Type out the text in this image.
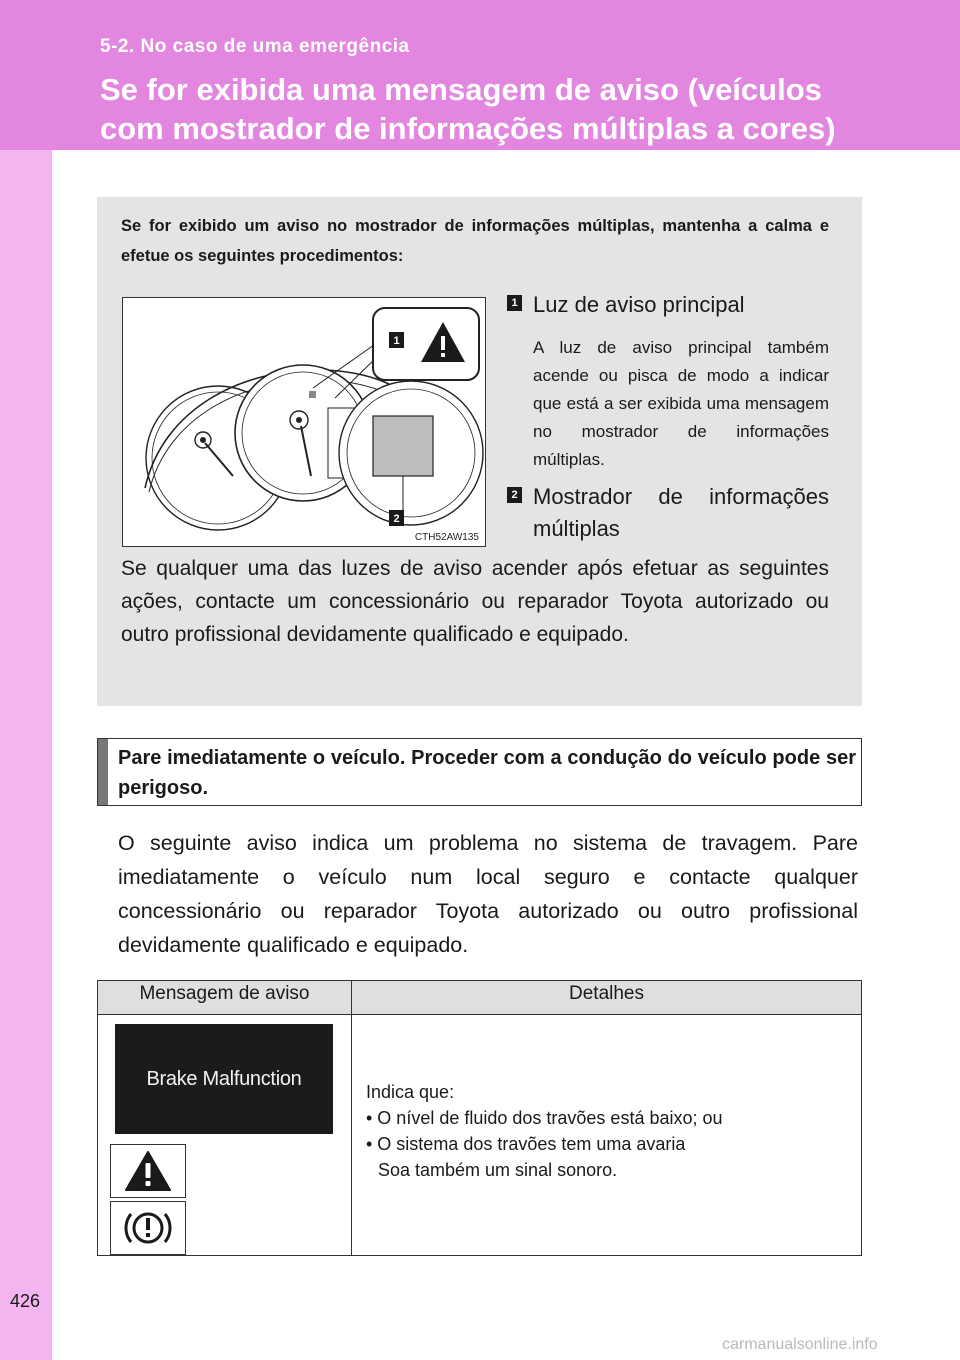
5-2. No caso de uma emergência
Se for exibida uma mensagem de aviso (veículos com mostrador de informações múltiplas a cores)
Se for exibido um aviso no mostrador de informações múltiplas, mantenha a calma e efetue os seguintes procedimentos:
1
2
CTH52AW135
1 Luz de aviso principal
A luz de aviso principal também acende ou pisca de modo a indicar que está a ser exibida uma mensagem no mostrador de informações múltiplas.
2 Mostrador de informações múltiplas
Se qualquer uma das luzes de aviso acender após efetuar as seguintes ações, contacte um concessionário ou reparador Toyota autorizado ou outro profissional devidamente qualificado e equipado.
Pare imediatamente o veículo. Proceder com a condução do veículo pode ser perigoso.
O seguinte aviso indica um problema no sistema de travagem. Pare imediatamente o veículo num local seguro e contacte qualquer concessionário ou reparador Toyota autorizado ou outro profissional devidamente qualificado e equipado.
Mensagem de aviso	Detalhes

Brake Malfunction	Indica que:
• O nível de fluido dos travões está baixo; ou
• O sistema dos travões tem uma avaria
Soa também um sinal sonoro.
426
carmanualsonline.info
